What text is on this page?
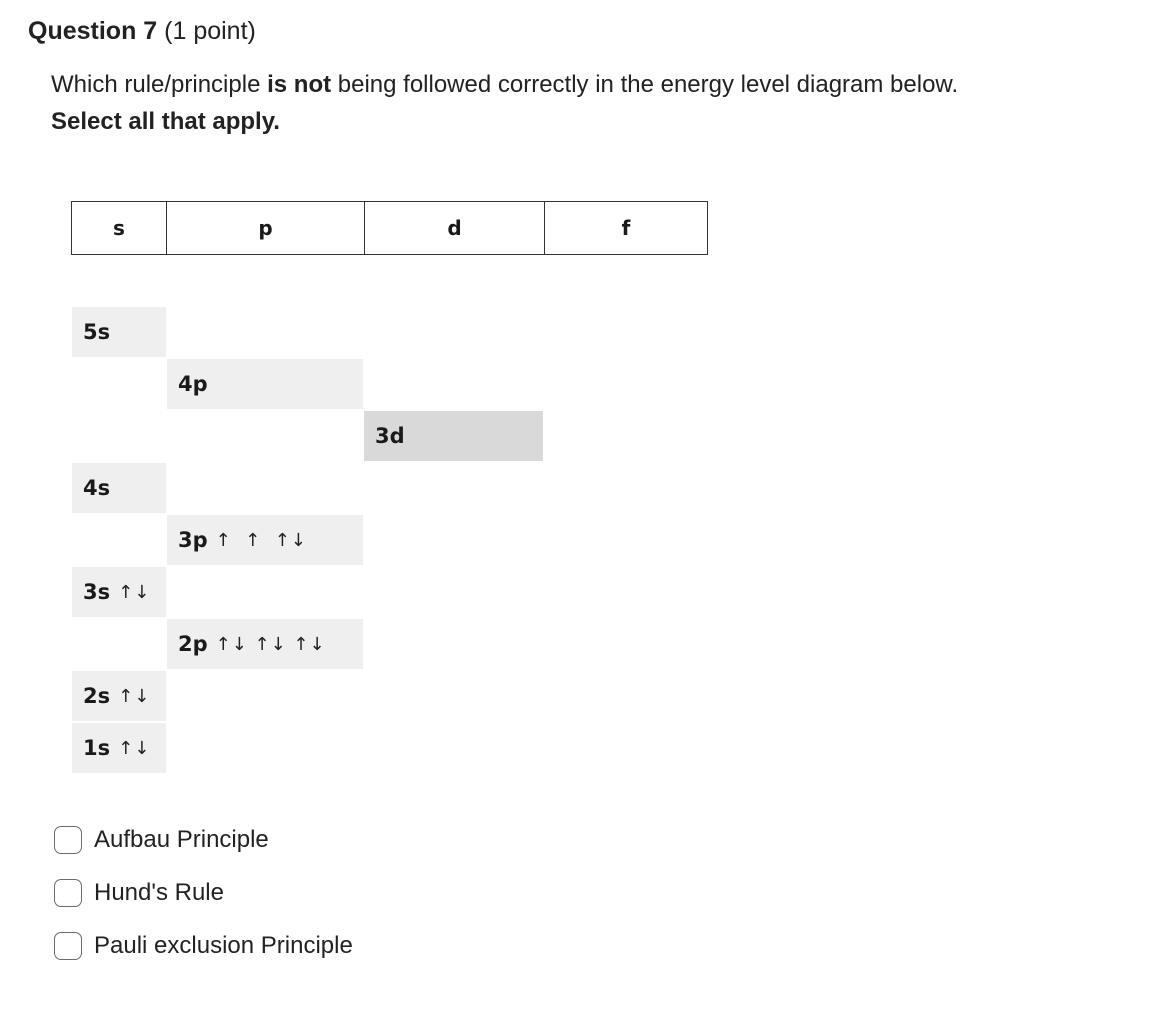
Question 7 (1 point)
Which rule/principle is not being followed correctly in the energy level diagram below. Select all that apply.
s	p	d	f
5s
4p
3d
4s
3p ↑  ↑  ↑↓
3s ↑↓
2p ↑↓ ↑↓ ↑↓
2s ↑↓
1s ↑↓
Aufbau Principle
Hund's Rule
Pauli exclusion Principle
